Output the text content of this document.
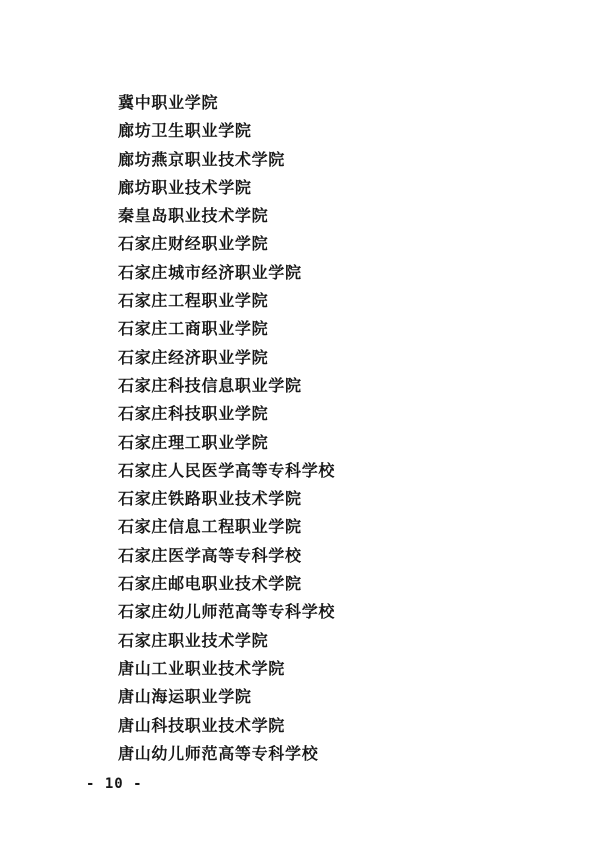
冀中职业学院
廊坊卫生职业学院
廊坊燕京职业技术学院
廊坊职业技术学院
秦皇岛职业技术学院
石家庄财经职业学院
石家庄城市经济职业学院
石家庄工程职业学院
石家庄工商职业学院
石家庄经济职业学院
石家庄科技信息职业学院
石家庄科技职业学院
石家庄理工职业学院
石家庄人民医学高等专科学校
石家庄铁路职业技术学院
石家庄信息工程职业学院
石家庄医学高等专科学校
石家庄邮电职业技术学院
石家庄幼儿师范高等专科学校
石家庄职业技术学院
唐山工业职业技术学院
唐山海运职业学院
唐山科技职业技术学院
唐山幼儿师范高等专科学校
- 10 -
